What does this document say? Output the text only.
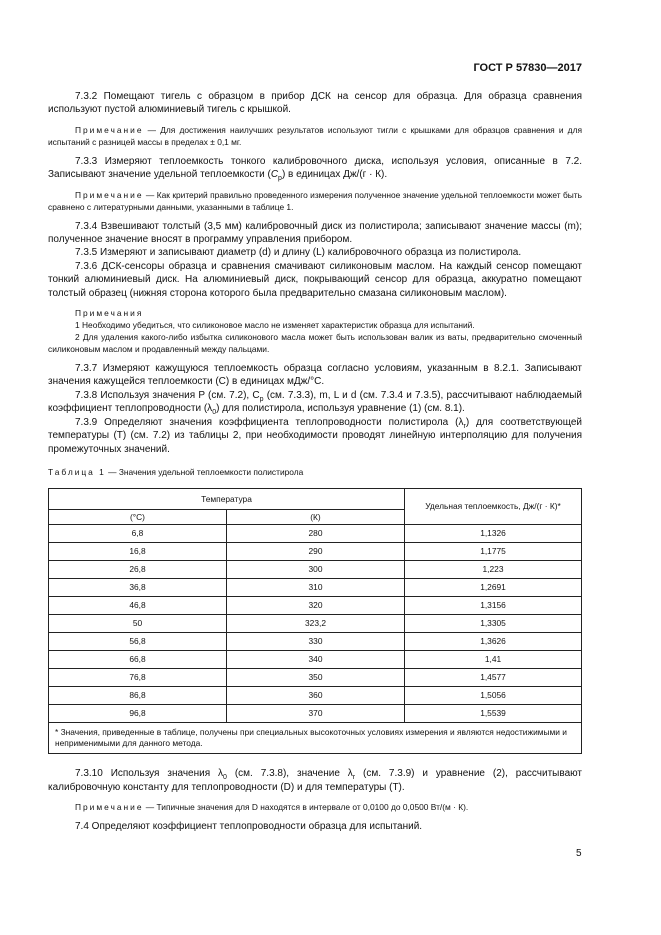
ГОСТ Р 57830—2017

7.3.2 Помещают тигель с образцом в прибор ДСК на сенсор для образца. Для образца сравнения используют пустой алюминиевый тигель с крышкой.

Примечание — Для достижения наилучших результатов используют тигли с крышками для образцов сравнения и для испытаний с разницей массы в пределах ± 0,1 мг.

7.3.3 Измеряют теплоемкость тонкого калибровочного диска, используя условия, описанные в 7.2. Записывают значение удельной теплоемкости $(C_p)$ в единицах Дж/(г · К).

Примечание — Как критерий правильно проведенного измерения полученное значение удельной теплоемкости может быть сравнено с литературными данными, указанными в таблице 1.

7.3.4 Взвешивают толстый (3,5 мм) калибровочный диск из полистирола; записывают значение массы (m); полученное значение вносят в программу управления прибором.

7.3.5 Измеряют и записывают диаметр (d) и длину (L) калибровочного образца из полистирола.

7.3.6 ДСК-сенсоры образца и сравнения смачивают силиконовым маслом. На каждый сенсор помещают тонкий алюминиевый диск. На алюминиевый диск, покрывающий сенсор для образца, аккуратно помещают толстый образец (нижняя сторона которого была предварительно смазана силиконовым маслом).

Примечания

1 Необходимо убедиться, что силиконовое масло не изменяет характеристик образца для испытаний.

2 Для удаления какого-либо избытка силиконового масла может быть использован валик из ваты, предварительно смоченный силиконовым маслом и продавленный между пальцами.

7.3.7 Измеряют кажущуюся теплоемкость образца согласно условиям, указанным в 8.2.1. Записывают значения кажущейся теплоемкости (C) в единицах мДж/°С.

7.3.8 Используя значения P (см. 7.2), $C_p$ (см. 7.3.3), m, L и d (см. 7.3.4 и 7.3.5), рассчитывают наблюдаемый коэффициент теплопроводности $(\lambda_0)$ для полистирола, используя уравнение (1) (см. 8.1).

7.3.9 Определяют значения коэффициента теплопроводности полистирола $(\lambda_r)$ для соответствующей температуры (T) (см. 7.2) из таблицы 2, при необходимости проводят линейную интерполяцию для получения промежуточных значений.

Таблица 1 — Значения удельной теплоемкости полистирола

Температура		Удельная теплоемкость, Дж/(г · К)*
(°С)	(К)	
6,8	280	1,1326
16,8	290	1,1775
26,8	300	1,223
36,8	310	1,2691
46,8	320	1,3156
50	323,2	1,3305
56,8	330	1,3626
66,8	340	1,41
76,8	350	1,4577
86,8	360	1,5056
96,8	370	1,5539
* Значения, приведенные в таблице, получены при специальных высокоточных условиях измерения и являются недостижимыми и неприменимыми для данного метода.		

7.3.10 Используя значения $\lambda_0$ (см. 7.3.8), значение $\lambda_r$ (см. 7.3.9) и уравнение (2), рассчитывают калибровочную константу для теплопроводности (D) и для температуры (T).

Примечание — Типичные значения для D находятся в интервале от 0,0100 до 0,0500 Вт/(м · К).

7.4 Определяют коэффициент теплопроводности образца для испытаний.

5
